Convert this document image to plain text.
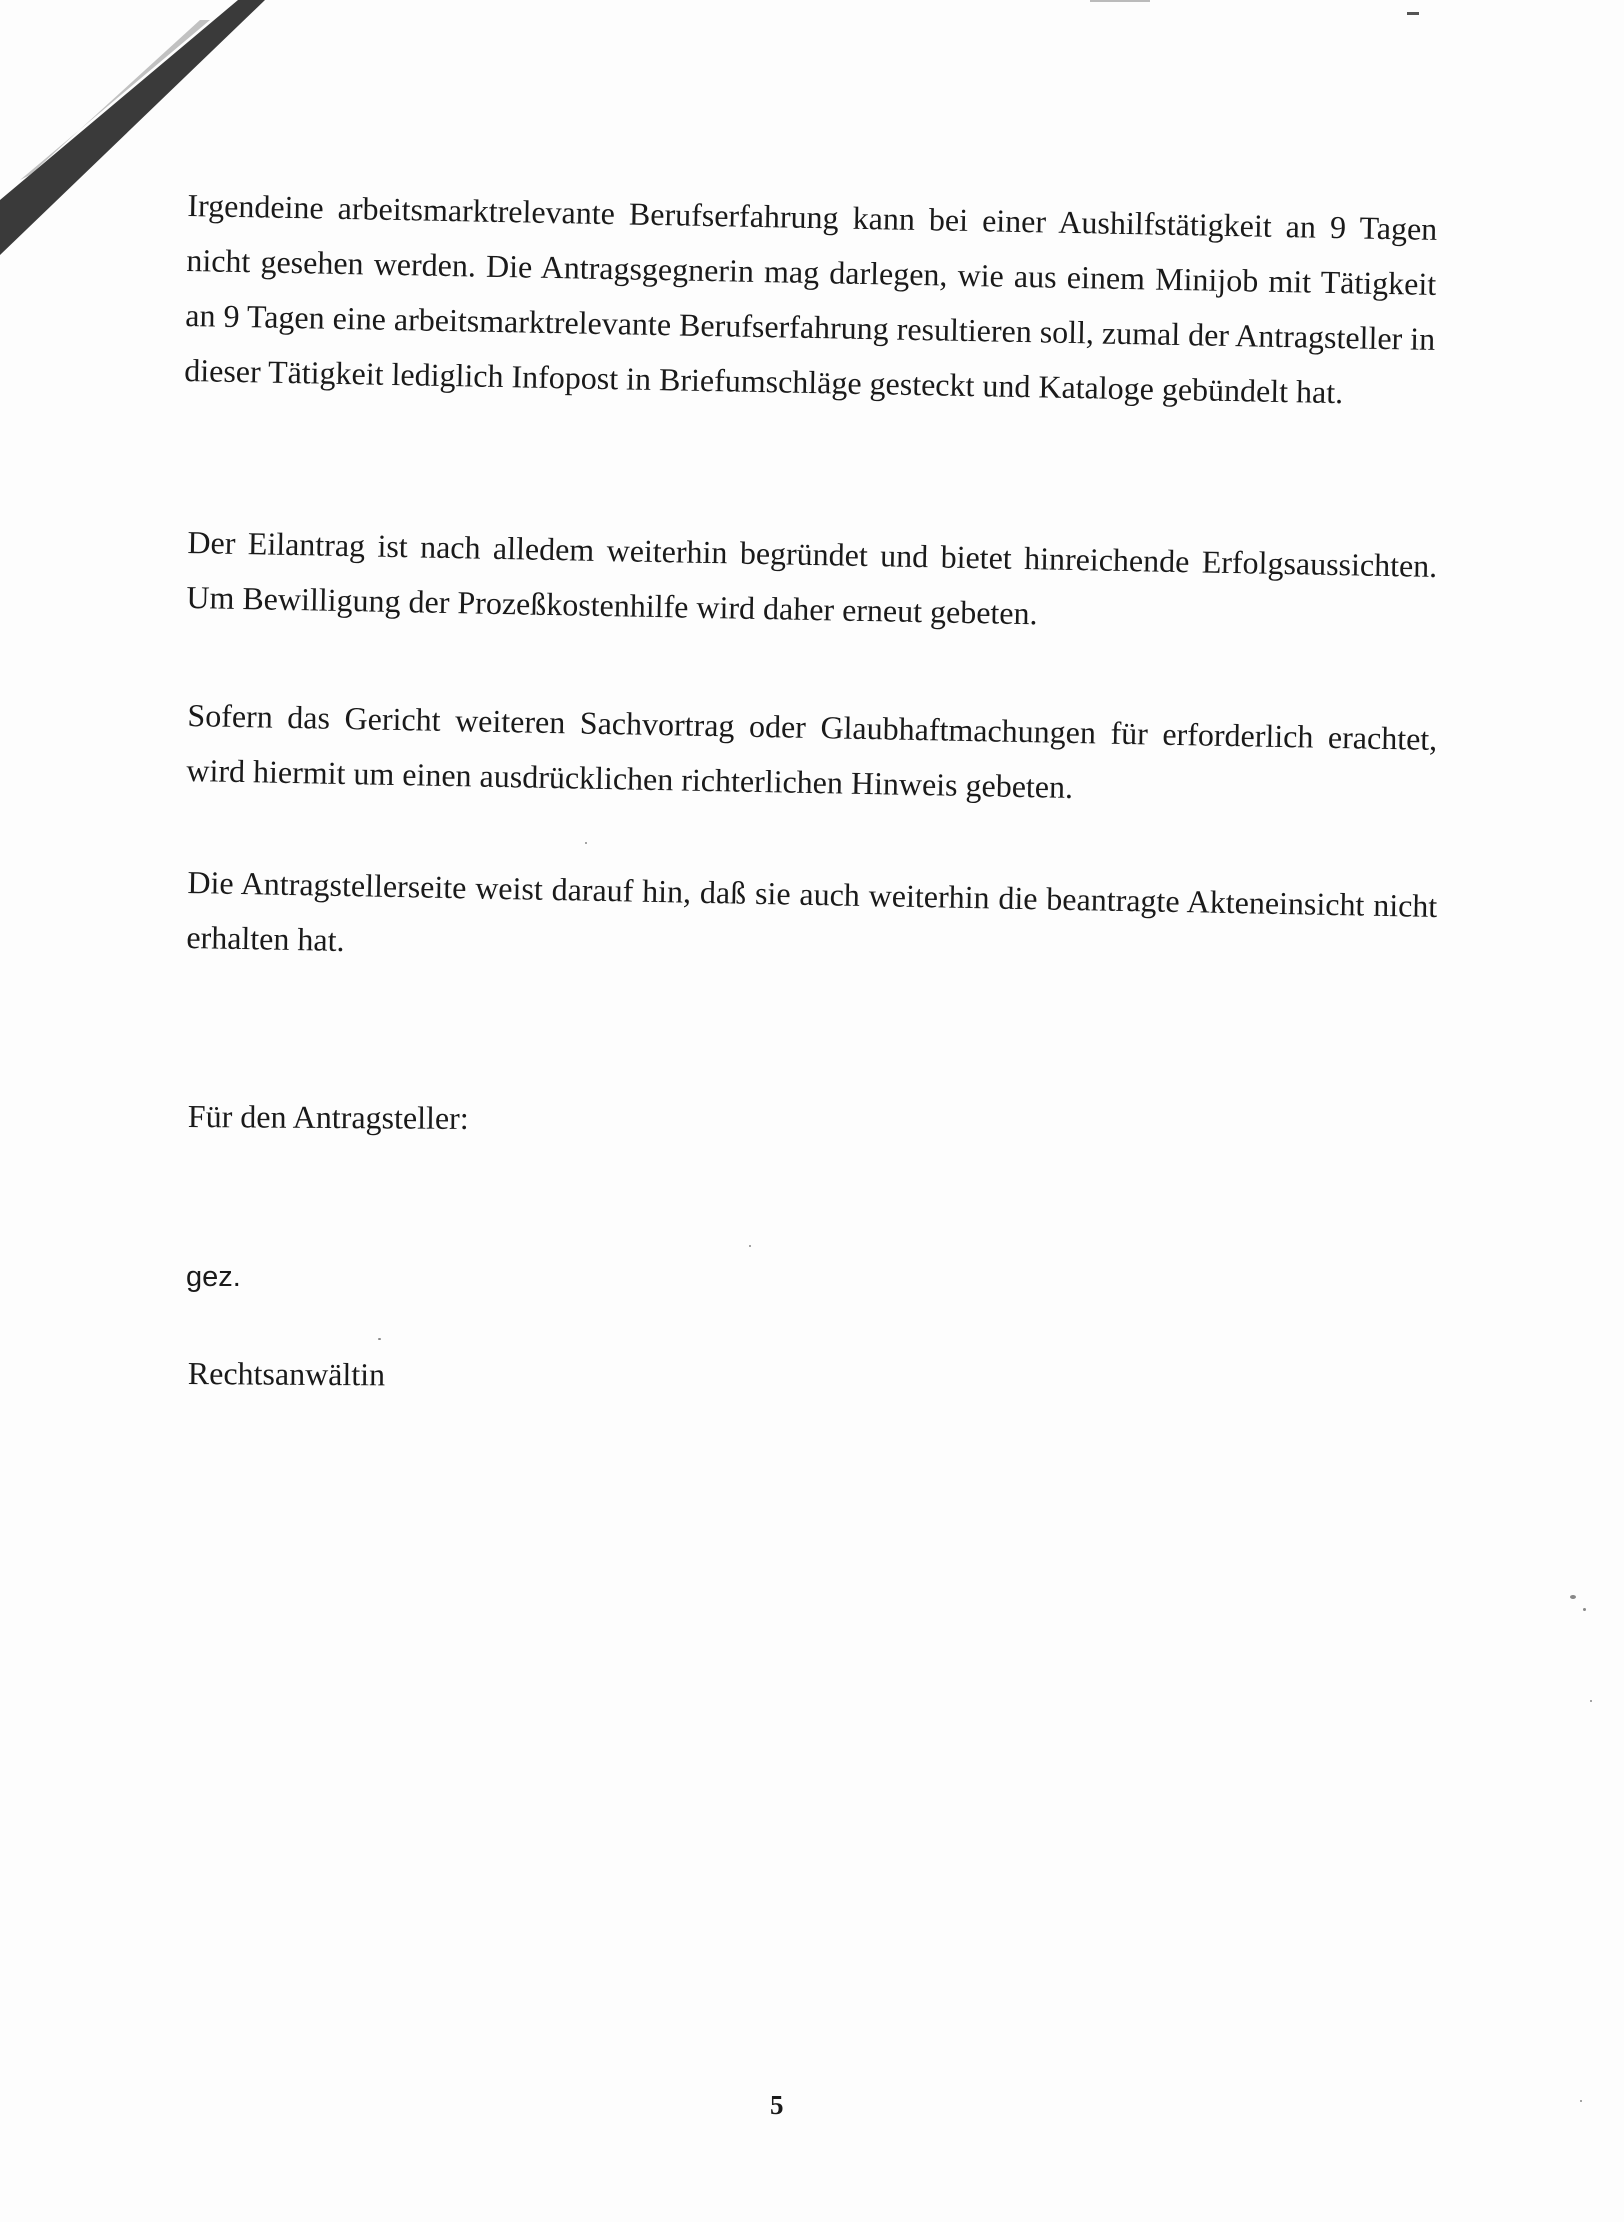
Irgendeine arbeitsmarktrelevante Berufserfahrung kann bei einer Aushilfstätigkeit an 9 Tagen nicht gesehen werden. Die Antragsgegnerin mag darlegen, wie aus einem Minijob mit Tätigkeit an 9 Tagen eine arbeitsmarktrelevante Berufserfahrung resultieren soll, zumal der Antragsteller in dieser Tätigkeit lediglich Infopost in Briefumschläge gesteckt und Kataloge gebündelt hat.
Der Eilantrag ist nach alledem weiterhin begründet und bietet hinreichende Erfolgsaussichten. Um Bewilligung der Prozeßkostenhilfe wird daher erneut gebeten.
Sofern das Gericht weiteren Sachvortrag oder Glaubhaftmachungen für erforderlich erachtet, wird hiermit um einen ausdrücklichen richterlichen Hinweis gebeten.
Die Antragstellerseite weist darauf hin, daß sie auch weiterhin die beantragte Akteneinsicht nicht erhalten hat.
Für den Antragsteller:
gez.
Rechtsanwältin
5
